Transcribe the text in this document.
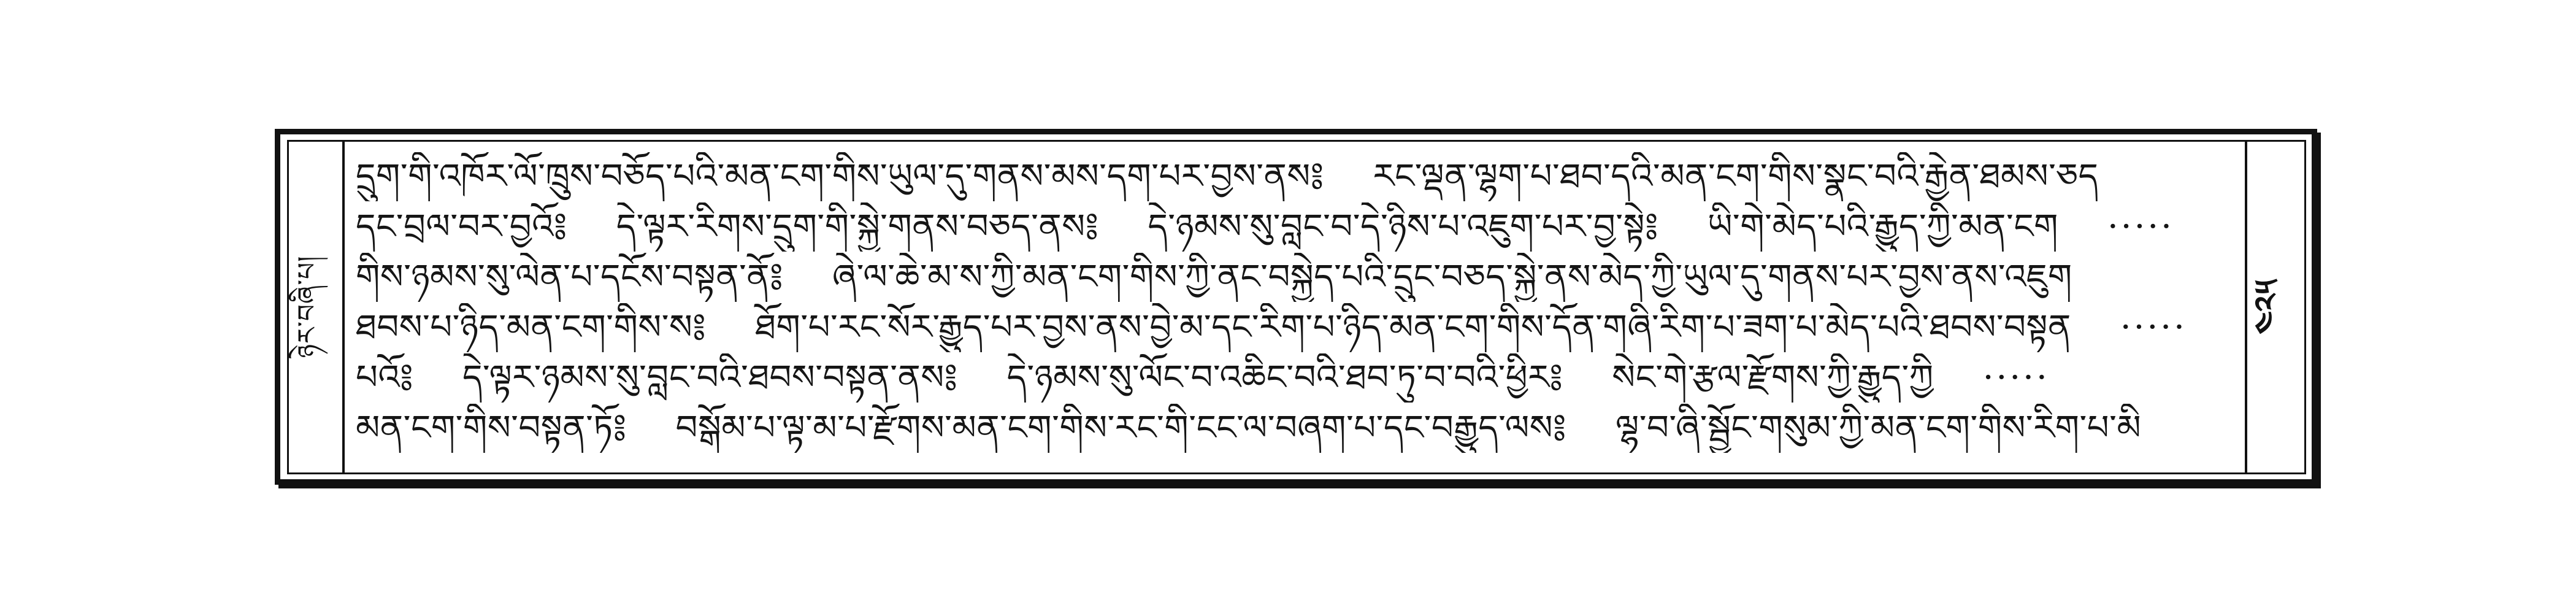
ཉེར་བཞི་པ།	༤༢༥
དྲུག་གི་འཁོར་ལོ་ཁྲུས་བཅོད་པའི་མན་ངག་གིས་ཡུལ་དུ་གནས་མས་དག་པར་བྱས་ནས༔ རང་ལྡན་ལྷག་པ་ཐབ་དའི་མན་ངག་གིས་སྣང་བའི་རྒྱེན་ཐམས་ཅད
དང་བྲལ་བར་བྱའོ༔ དེ་ལྟར་རིགས་དྲུག་གི་སྐྱེ་གནས་བཅད་ནས༔ དེ་ཉམས་སུ་བླང་བ་དེ་ཉིས་པ་འཇུག་པར་བྱ་སྟེ༔ ཡི་གེ་མེད་པའི་རྒྱུད་ཀྱི་མན་ངག ·····
གིས་ཉམས་སུ་ལེན་པ་དངོས་བསྟན་ནོ༔ ཞེ་ལ་ཆེ་མ་ས་ཀྱི་མན་ངག་གིས་ཀྱི་ནང་བསྐྱེད་པའི་དྲུང་བཅད་སྐྱེ་ནས་མེད་ཀྱི་ཡུལ་དུ་གནས་པར་བྱས་ནས་འཇུག
ཐབས་པ་ཉིད་མན་ངག་གིས་ས༔ ཐོག་པ་རང་སོར་རྒྱུད་པར་བྱས་ནས་བྱེ་མ་དང་རིག་པ་ཉིད་མན་ངག་གིས་དོན་གཞི་རིག་པ་ཟག་པ་མེད་པའི་ཐབས་བསྟན ·····
པའོ༔ དེ་ལྟར་ཉམས་སུ་བླང་བའི་ཐབས་བསྟན་ནས༔ དེ་ཉམས་སུ་ལོང་བ་འཆིང་བའི་ཐབ་ཏུ་བ་བའི་ཕྱིར༔ སེང་གེ་རྩལ་རྫོགས་ཀྱི་རྒྱུད་ཀྱི ·····
མན་ངག་གིས་བསྟན་ཏོ༔ བསྒོམ་པ་ལྟ་མ་པ་རྫོགས་མན་ངག་གིས་རང་གི་ངང་ལ་བཞག་པ་དང་བརྒྱུད་ལས༔ ལྷ་བ་ཞི་སྦྱོང་གསུམ་ཀྱི་མན་ངག་གིས་རིག་པ་མི
